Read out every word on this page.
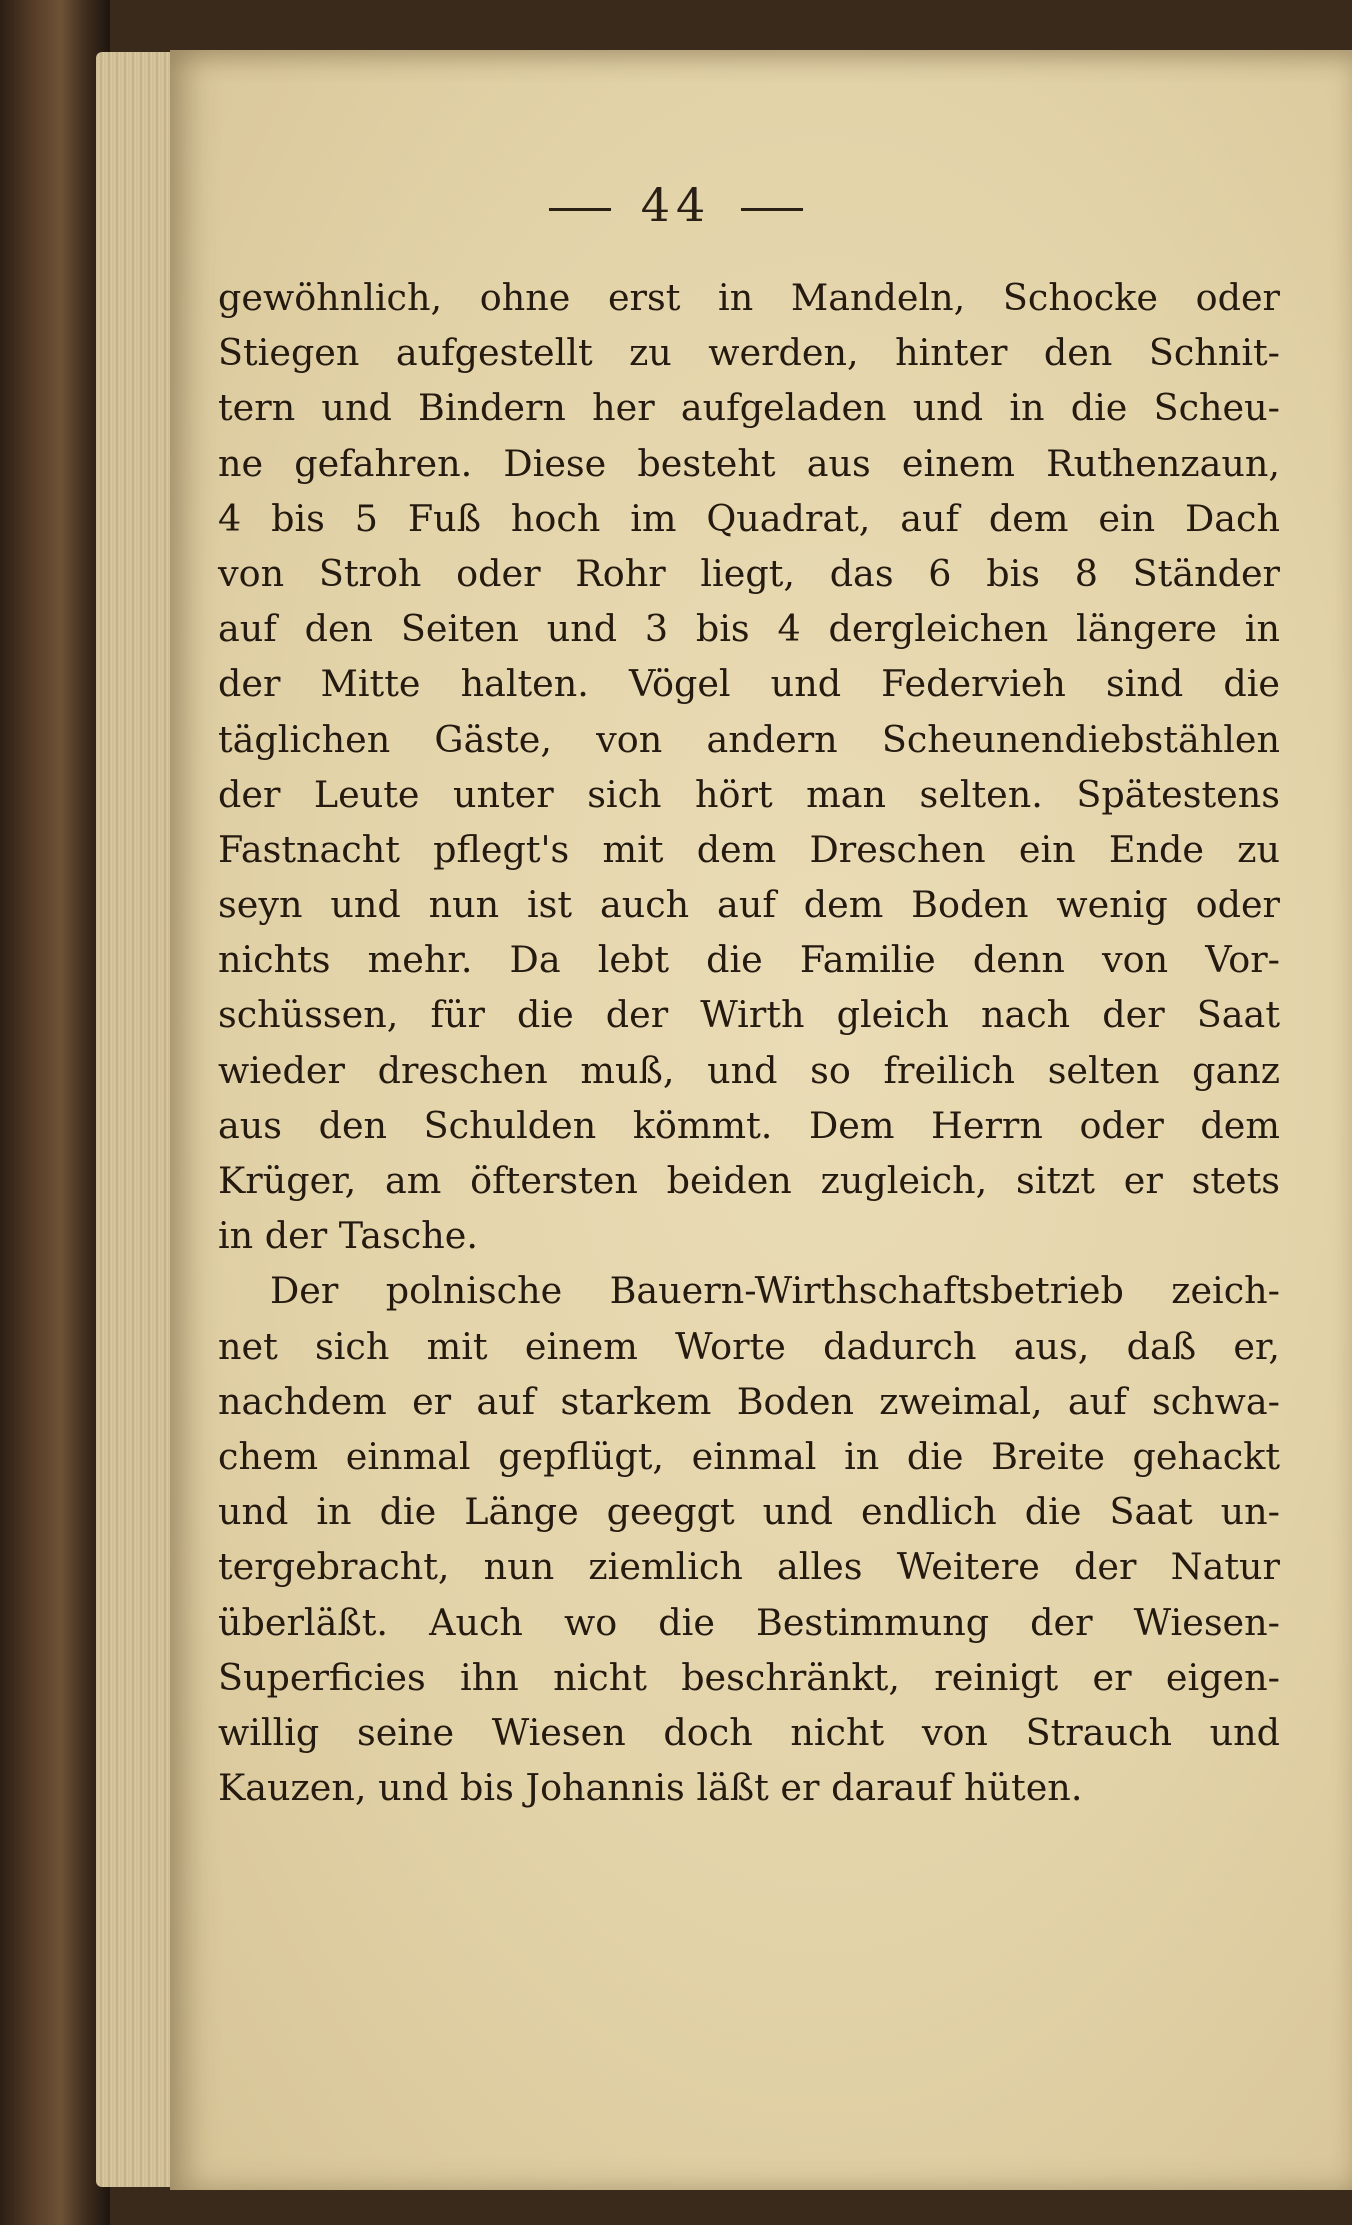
44
gewöhnlich, ohne erst in Mandeln, Schocke oder
Stiegen aufgestellt zu werden, hinter den Schnit-
tern und Bindern her aufgeladen und in die Scheu-
ne gefahren. Diese besteht aus einem Ruthenzaun,
4 bis 5 Fuß hoch im Quadrat, auf dem ein Dach
von Stroh oder Rohr liegt, das 6 bis 8 Ständer
auf den Seiten und 3 bis 4 dergleichen längere in
der Mitte halten. Vögel und Federvieh sind die
täglichen Gäste, von andern Scheunendiebstählen
der Leute unter sich hört man selten. Spätestens
Fastnacht pflegt's mit dem Dreschen ein Ende zu
seyn und nun ist auch auf dem Boden wenig oder
nichts mehr. Da lebt die Familie denn von Vor-
schüssen, für die der Wirth gleich nach der Saat
wieder dreschen muß, und so freilich selten ganz
aus den Schulden kömmt. Dem Herrn oder dem
Krüger, am öftersten beiden zugleich, sitzt er stets
in der Tasche.
Der polnische Bauern-Wirthschaftsbetrieb zeich-
net sich mit einem Worte dadurch aus, daß er,
nachdem er auf starkem Boden zweimal, auf schwa-
chem einmal gepflügt, einmal in die Breite gehackt
und in die Länge geeggt und endlich die Saat un-
tergebracht, nun ziemlich alles Weitere der Natur
überläßt. Auch wo die Bestimmung der Wiesen-
Superficies ihn nicht beschränkt, reinigt er eigen-
willig seine Wiesen doch nicht von Strauch und
Kauzen, und bis Johannis läßt er darauf hüten.
